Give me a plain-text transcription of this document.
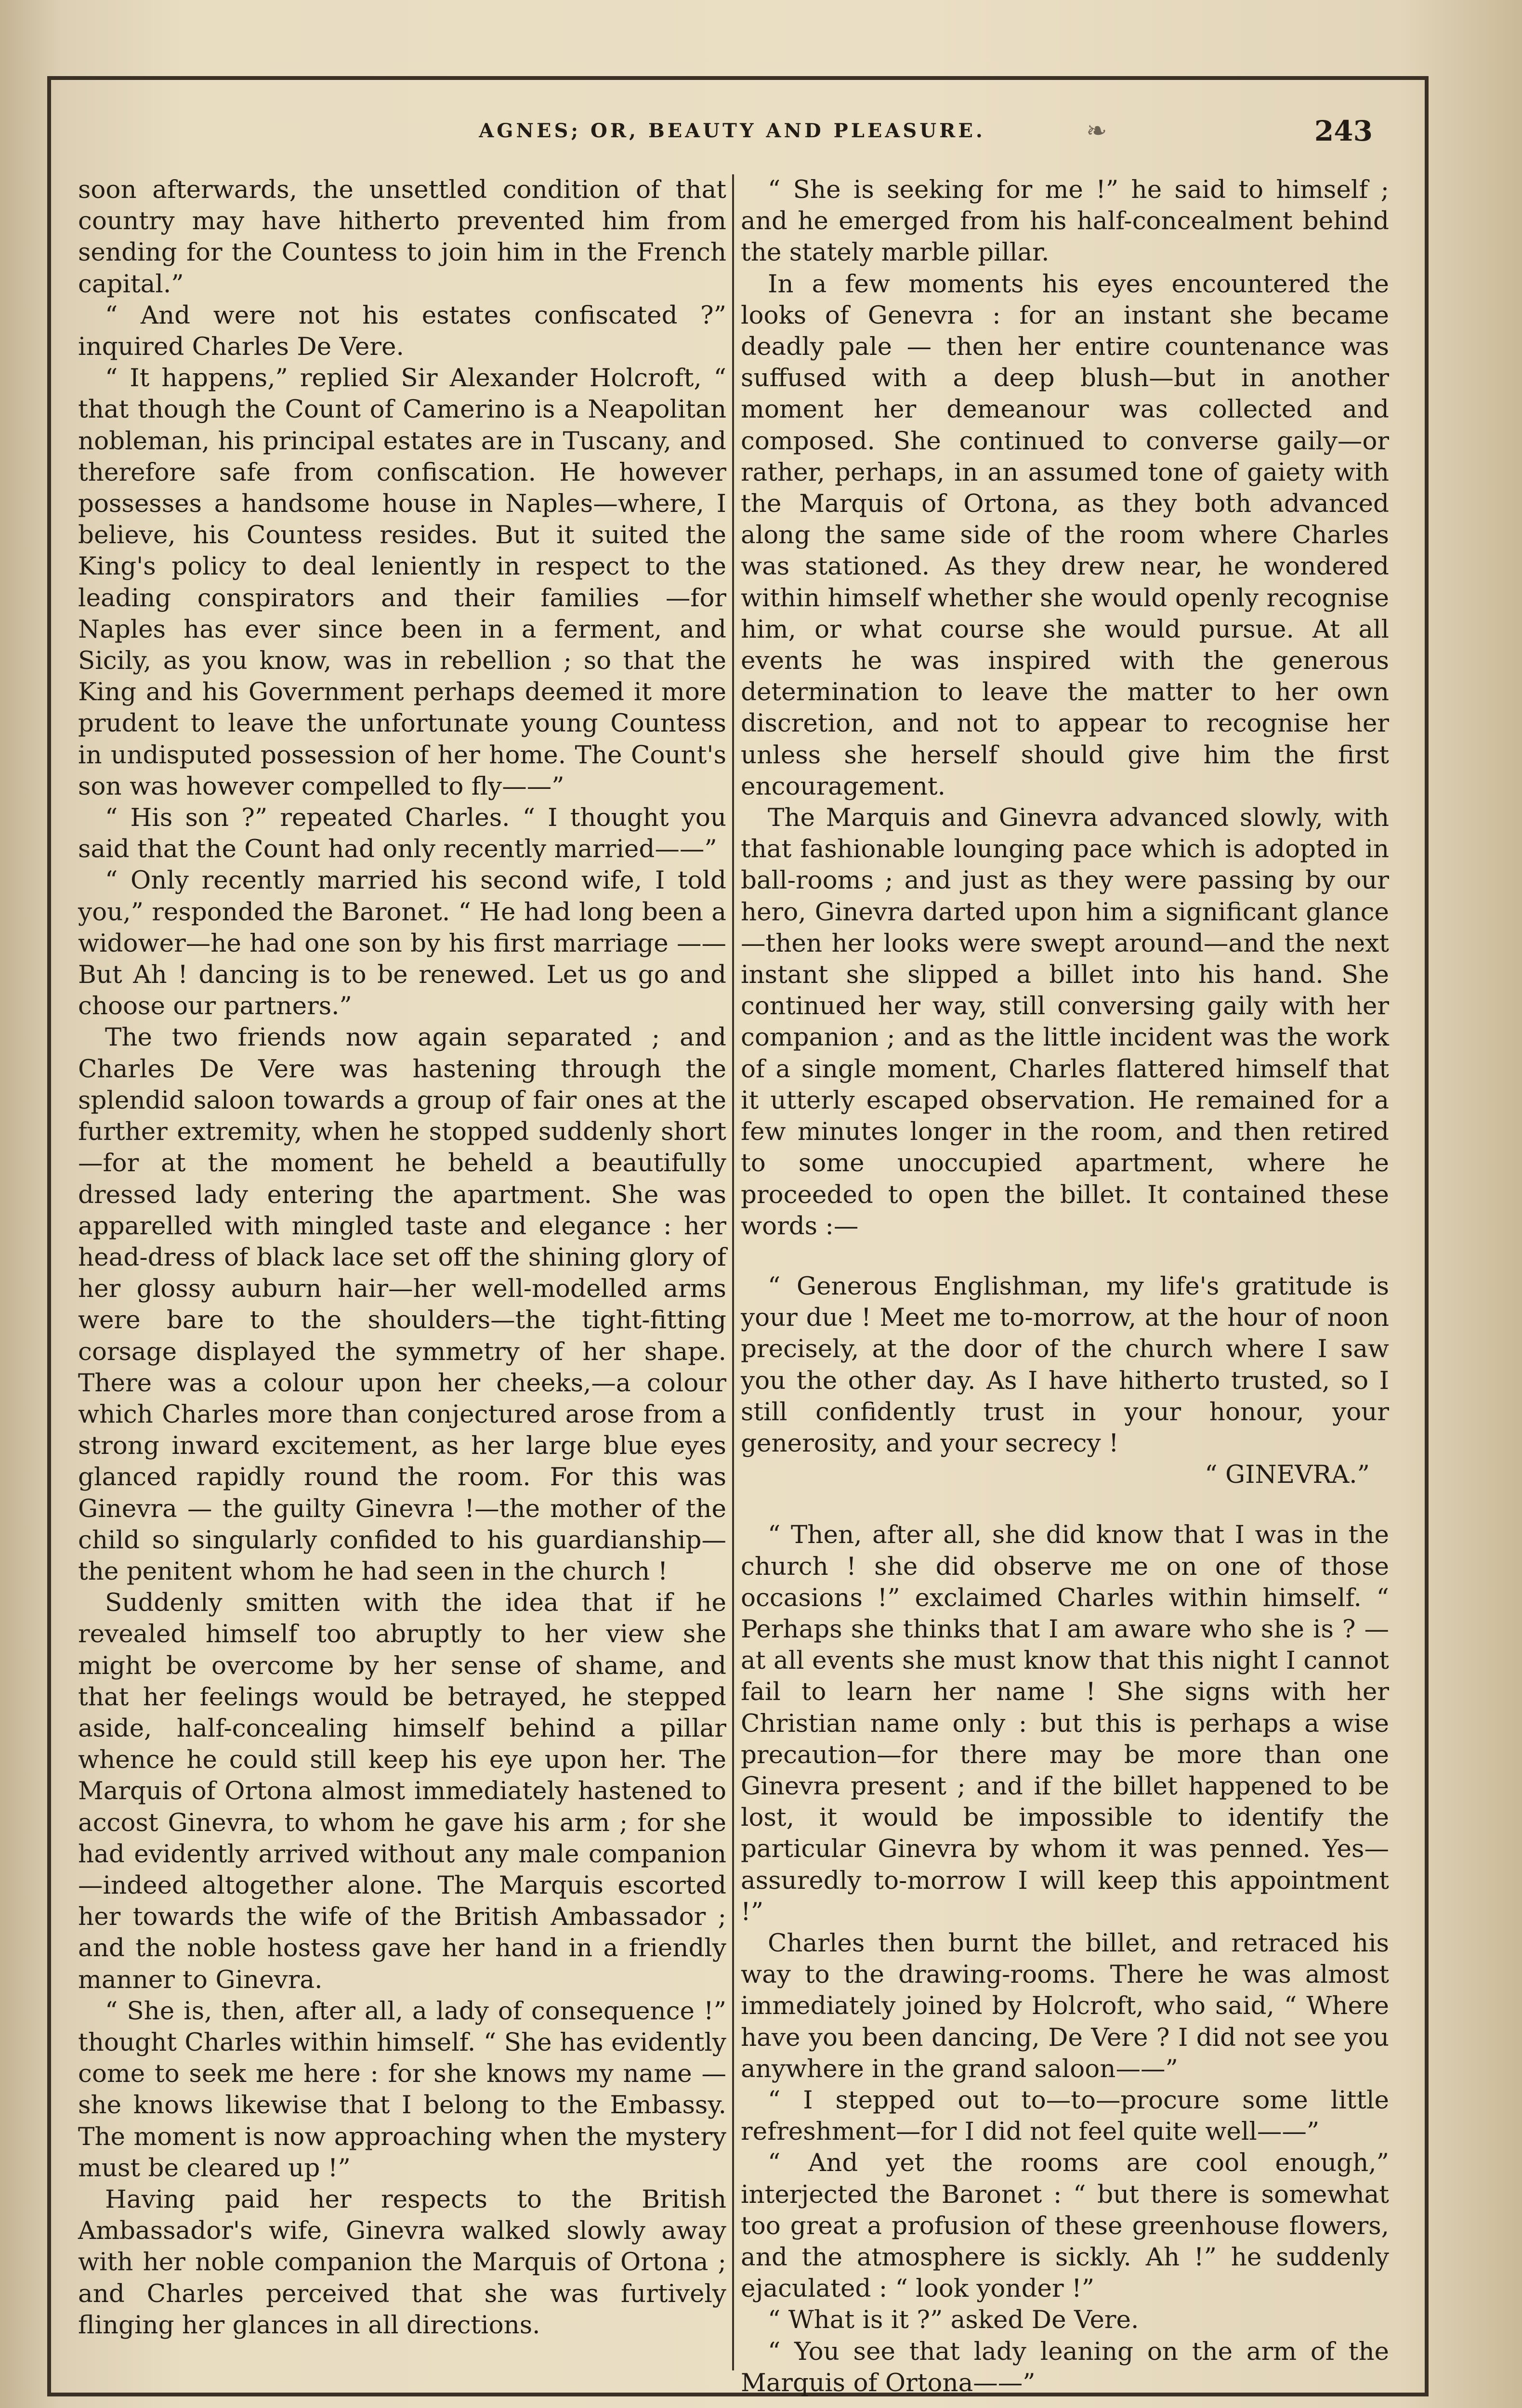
AGNES; OR, BEAUTY AND PLEASURE.	❧	243

soon afterwards, the unsettled condition of that country may have hitherto prevented him from sending for the Countess to join him in the French capital.”

“ And were not his estates confiscated ?” inquired Charles De Vere.

“ It happens,” replied Sir Alexander Holcroft, “ that though the Count of Camerino is a Neapolitan nobleman, his principal estates are in Tuscany, and therefore safe from confiscation. He however possesses a handsome house in Naples—where, I believe, his Countess resides. But it suited the King's policy to deal leniently in respect to the leading conspirators and their families —for Naples has ever since been in a ferment, and Sicily, as you know, was in rebellion ; so that the King and his Government perhaps deemed it more prudent to leave the unfortunate young Countess in undisputed possession of her home. The Count's son was however compelled to fly——”

“ His son ?” repeated Charles. “ I thought you said that the Count had only recently married——”

“ Only recently married his second wife, I told you,” responded the Baronet. “ He had long been a widower—he had one son by his first marriage ——But Ah ! dancing is to be renewed. Let us go and choose our partners.”

The two friends now again separated ; and Charles De Vere was hastening through the splendid saloon towards a group of fair ones at the further extremity, when he stopped suddenly short—for at the moment he beheld a beautifully dressed lady entering the apartment. She was apparelled with mingled taste and elegance : her head-dress of black lace set off the shining glory of her glossy auburn hair—her well-modelled arms were bare to the shoulders—the tight-fitting corsage displayed the symmetry of her shape. There was a colour upon her cheeks,—a colour which Charles more than conjectured arose from a strong inward excitement, as her large blue eyes glanced rapidly round the room. For this was Ginevra — the guilty Ginevra !—the mother of the child so singularly confided to his guardianship—the penitent whom he had seen in the church !

Suddenly smitten with the idea that if he revealed himself too abruptly to her view she might be overcome by her sense of shame, and that her feelings would be betrayed, he stepped aside, half-concealing himself behind a pillar whence he could still keep his eye upon her. The Marquis of Ortona almost immediately hastened to accost Ginevra, to whom he gave his arm ; for she had evidently arrived without any male companion—indeed altogether alone. The Marquis escorted her towards the wife of the British Ambassador ; and the noble hostess gave her hand in a friendly manner to Ginevra.

“ She is, then, after all, a lady of consequence !” thought Charles within himself. “ She has evidently come to seek me here : for she knows my name — she knows likewise that I belong to the Embassy. The moment is now approaching when the mystery must be cleared up !”

Having paid her respects to the British Ambassador's wife, Ginevra walked slowly away with her noble companion the Marquis of Ortona ; and Charles perceived that she was furtively flinging her glances in all directions.

“ She is seeking for me !” he said to himself ; and he emerged from his half-concealment behind the stately marble pillar.

In a few moments his eyes encountered the looks of Genevra : for an instant she became deadly pale — then her entire countenance was suffused with a deep blush—but in another moment her demeanour was collected and composed. She continued to converse gaily—or rather, perhaps, in an assumed tone of gaiety with the Marquis of Ortona, as they both advanced along the same side of the room where Charles was stationed. As they drew near, he wondered within himself whether she would openly recognise him, or what course she would pursue. At all events he was inspired with the generous determination to leave the matter to her own discretion, and not to appear to recognise her unless she herself should give him the first encouragement.

The Marquis and Ginevra advanced slowly, with that fashionable lounging pace which is adopted in ball-rooms ; and just as they were passing by our hero, Ginevra darted upon him a significant glance —then her looks were swept around—and the next instant she slipped a billet into his hand. She continued her way, still conversing gaily with her companion ; and as the little incident was the work of a single moment, Charles flattered himself that it utterly escaped observation. He remained for a few minutes longer in the room, and then retired to some unoccupied apartment, where he proceeded to open the billet. It contained these words :—

“ Generous Englishman, my life's gratitude is your due ! Meet me to-morrow, at the hour of noon precisely, at the door of the church where I saw you the other day. As I have hitherto trusted, so I still confidently trust in your honour, your generosity, and your secrecy !

“ GINEVRA.”

“ Then, after all, she did know that I was in the church ! she did observe me on one of those occasions !” exclaimed Charles within himself. “ Perhaps she thinks that I am aware who she is ? —at all events she must know that this night I cannot fail to learn her name ! She signs with her Christian name only : but this is perhaps a wise precaution—for there may be more than one Ginevra present ; and if the billet happened to be lost, it would be impossible to identify the particular Ginevra by whom it was penned. Yes—assuredly to-morrow I will keep this appointment !”

Charles then burnt the billet, and retraced his way to the drawing-rooms. There he was almost immediately joined by Holcroft, who said, “ Where have you been dancing, De Vere ? I did not see you anywhere in the grand saloon——”

“ I stepped out to—to—procure some little refreshment—for I did not feel quite well——”

“ And yet the rooms are cool enough,” interjected the Baronet : “ but there is somewhat too great a profusion of these greenhouse flowers, and the atmosphere is sickly. Ah !” he suddenly ejaculated : “ look yonder !”

“ What is it ?” asked De Vere.

“ You see that lady leaning on the arm of the Marquis of Ortona——”
